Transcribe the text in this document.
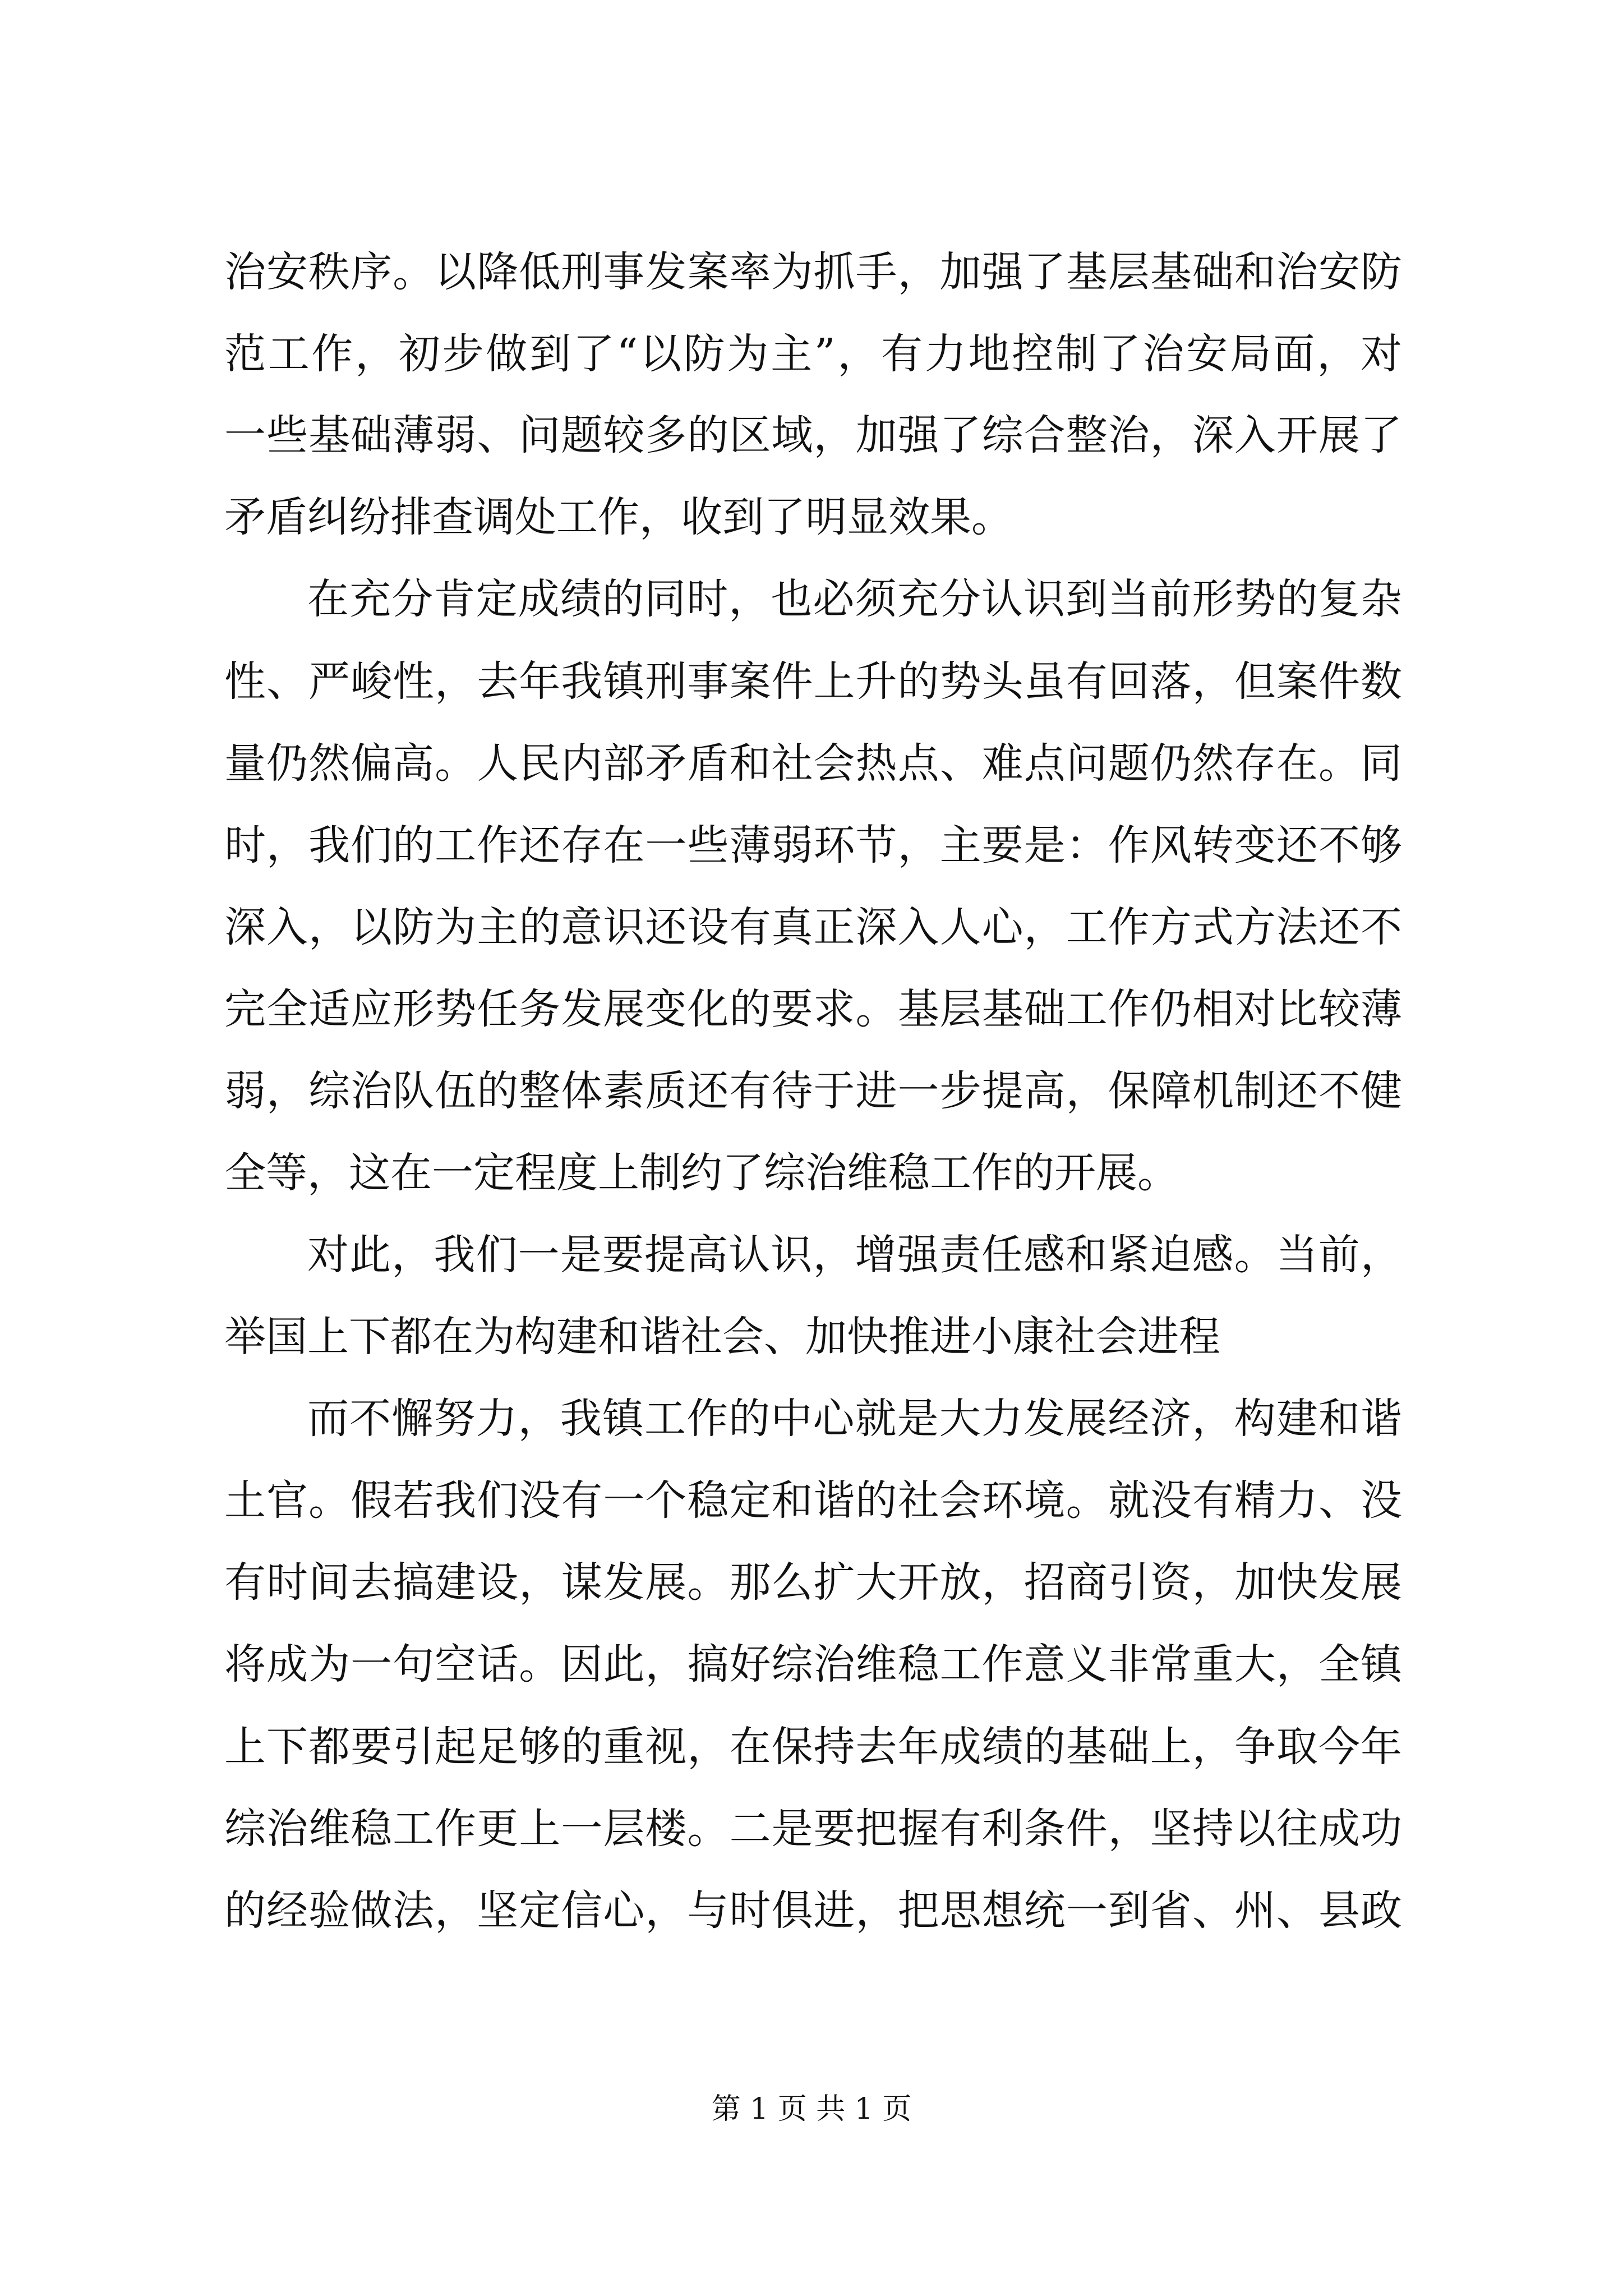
治安秩序。以降低刑事发案率为抓手，加强了基层基础和治安防
范工作，初步做到了“以防为主”，有力地控制了治安局面，对
一些基础薄弱、问题较多的区域，加强了综合整治，深入开展了
矛盾纠纷排查调处工作，收到了明显效果。
在充分肯定成绩的同时，也必须充分认识到当前形势的复杂
性、严峻性，去年我镇刑事案件上升的势头虽有回落，但案件数
量仍然偏高。人民内部矛盾和社会热点、难点问题仍然存在。同
时，我们的工作还存在一些薄弱环节，主要是：作风转变还不够
深入，以防为主的意识还设有真正深入人心，工作方式方法还不
完全适应形势任务发展变化的要求。基层基础工作仍相对比较薄
弱，综治队伍的整体素质还有待于进一步提高，保障机制还不健
全等，这在一定程度上制约了综治维稳工作的开展。
对此，我们一是要提高认识，增强责任感和紧迫感。当前，
举国上下都在为构建和谐社会、加快推进小康社会进程
而不懈努力，我镇工作的中心就是大力发展经济，构建和谐
土官。假若我们没有一个稳定和谐的社会环境。就没有精力、没
有时间去搞建设，谋发展。那么扩大开放，招商引资，加快发展
将成为一句空话。因此，搞好综治维稳工作意义非常重大，全镇
上下都要引起足够的重视，在保持去年成绩的基础上，争取今年
综治维稳工作更上一层楼。二是要把握有利条件，坚持以往成功
的经验做法，坚定信心，与时俱进，把思想统一到省、州、县政
第 1 页 共 1 页
